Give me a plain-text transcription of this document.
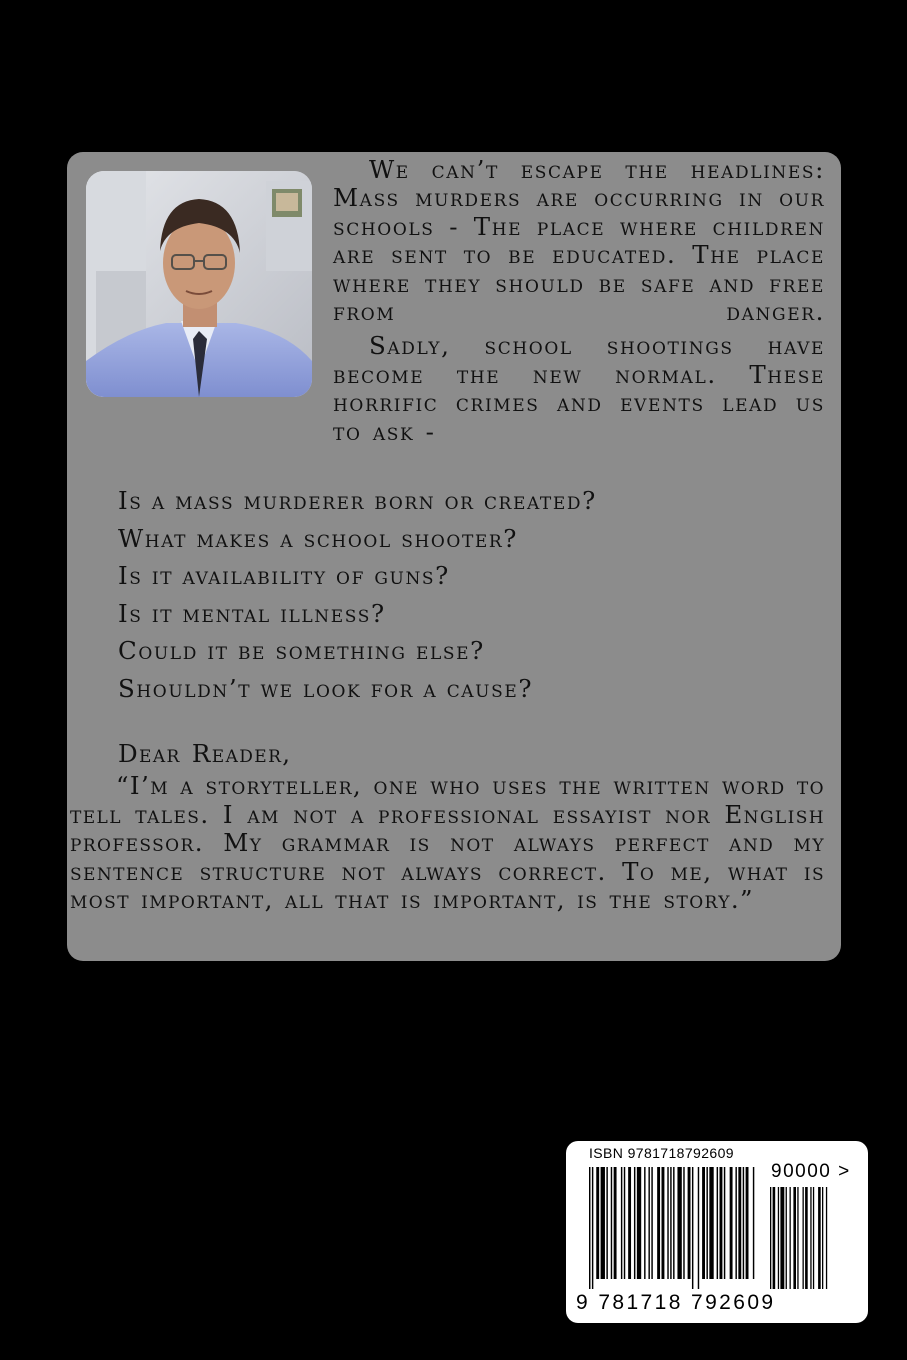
We can’t escape the headlines: Mass murders are occurring in our schools - The place where children are sent to be educated. The place where they should be safe and free from danger.

Sadly, school shootings have become the new normal. These horrific crimes and events lead us to ask -

Is a mass murderer born or created?
What makes a school shooter?
Is it availability of guns?
Is it mental illness?
Could it be something else?
Shouldn’t we look for a cause?

Dear Reader,

“I’m a storyteller, one who uses the written word to tell tales. I am not a professional essayist nor English professor. My grammar is not always perfect and my sentence structure not always correct. To me, what is most important, all that is important, is the story.”

ISBN 9781718792609
90000 >
9 781718 792609
